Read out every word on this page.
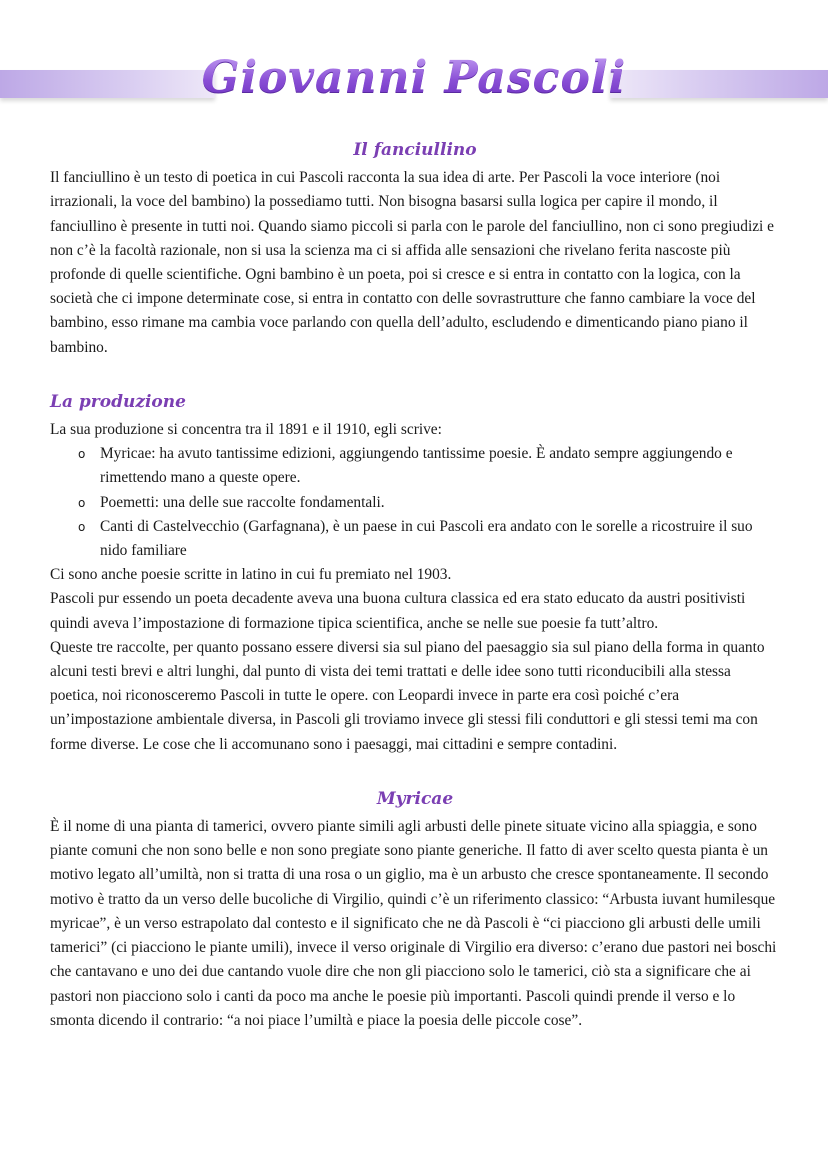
Giovanni Pascoli
Il fanciullino

Il fanciullino è un testo di poetica in cui Pascoli racconta la sua idea di arte. Per Pascoli la voce interiore (noi irrazionali, la voce del bambino) la possediamo tutti. Non bisogna basarsi sulla logica per capire il mondo, il fanciullino è presente in tutti noi. Quando siamo piccoli si parla con le parole del fanciullino, non ci sono pregiudizi e non c’è la facoltà razionale, non si usa la scienza ma ci si affida alle sensazioni che rivelano ferita nascoste più profonde di quelle scientifiche. Ogni bambino è un poeta, poi si cresce e si entra in contatto con la logica, con la società che ci impone determinate cose, si entra in contatto con delle sovrastrutture che fanno cambiare la voce del bambino, esso rimane ma cambia voce parlando con quella dell’adulto, escludendo e dimenticando piano piano il bambino.

La produzione

La sua produzione si concentra tra il 1891 e il 1910, egli scrive:

o Myricae: ha avuto tantissime edizioni, aggiungendo tantissime poesie. È andato sempre aggiungendo e rimettendo mano a queste opere.
o Poemetti: una delle sue raccolte fondamentali.
o Canti di Castelvecchio (Garfagnana), è un paese in cui Pascoli era andato con le sorelle a ricostruire il suo nido familiare

Ci sono anche poesie scritte in latino in cui fu premiato nel 1903.

Pascoli pur essendo un poeta decadente aveva una buona cultura classica ed era stato educato da austri positivisti quindi aveva l’impostazione di formazione tipica scientifica, anche se nelle sue poesie fa tutt’altro.

Queste tre raccolte, per quanto possano essere diversi sia sul piano del paesaggio sia sul piano della forma in quanto alcuni testi brevi e altri lunghi, dal punto di vista dei temi trattati e delle idee sono tutti riconducibili alla stessa poetica, noi riconosceremo Pascoli in tutte le opere. con Leopardi invece in parte era così poiché c’era un’impostazione ambientale diversa, in Pascoli gli troviamo invece gli stessi fili conduttori e gli stessi temi ma con forme diverse. Le cose che li accomunano sono i paesaggi, mai cittadini e sempre contadini.

Myricae

È il nome di una pianta di tamerici, ovvero piante simili agli arbusti delle pinete situate vicino alla spiaggia, e sono piante comuni che non sono belle e non sono pregiate sono piante generiche. Il fatto di aver scelto questa pianta è un motivo legato all’umiltà, non si tratta di una rosa o un giglio, ma è un arbusto che cresce spontaneamente. Il secondo motivo è tratto da un verso delle bucoliche di Virgilio, quindi c’è un riferimento classico: “Arbusta iuvant humilesque myricae”, è un verso estrapolato dal contesto e il significato che ne dà Pascoli è “ci piacciono gli arbusti delle umili tamerici” (ci piacciono le piante umili), invece il verso originale di Virgilio era diverso: c’erano due pastori nei boschi che cantavano e uno dei due cantando vuole dire che non gli piacciono solo le tamerici, ciò sta a significare che ai pastori non piacciono solo i canti da poco ma anche le poesie più importanti. Pascoli quindi prende il verso e lo smonta dicendo il contrario: “a noi piace l’umiltà e piace la poesia delle piccole cose”.
